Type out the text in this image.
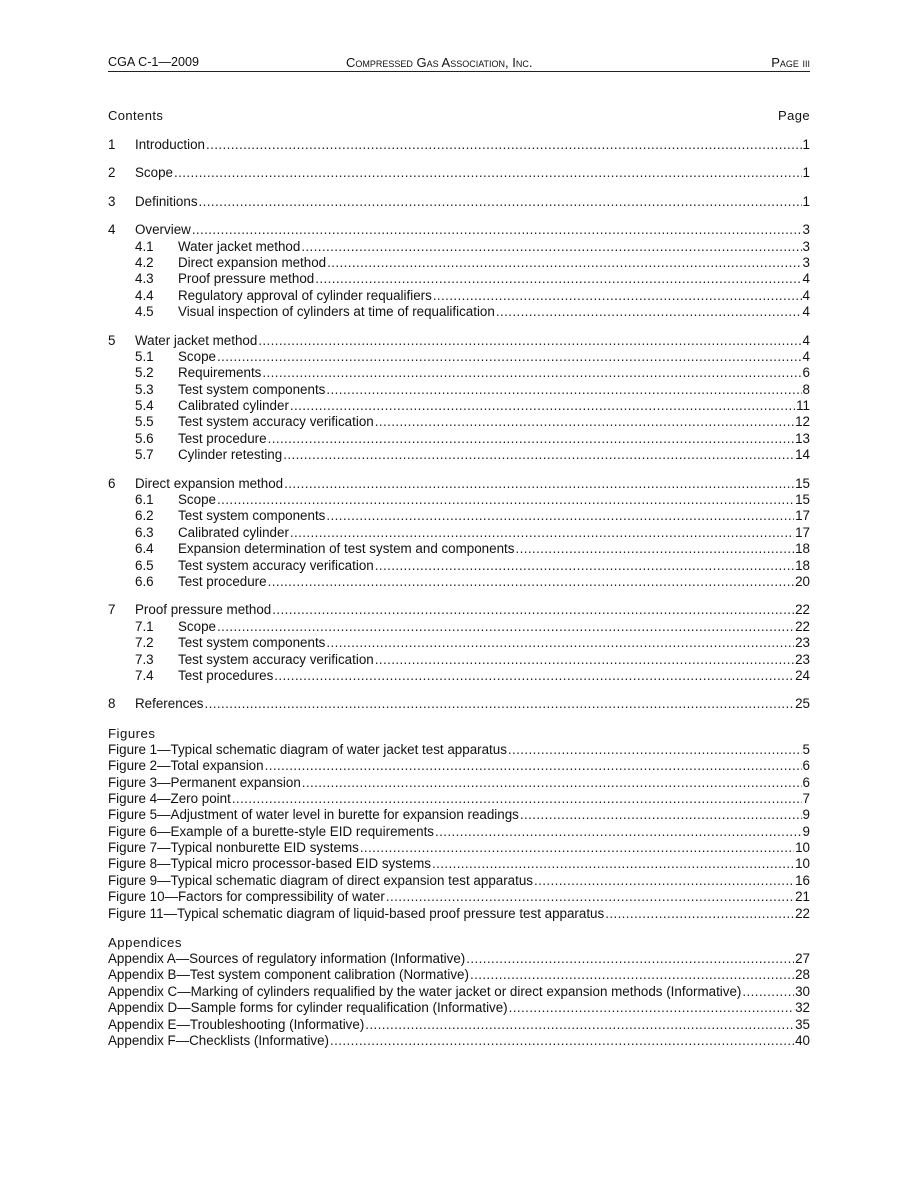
CGA C-1—2009	Compressed Gas Association, Inc.	Page iii
Contents	Page
1	Introduction .....	1
2	Scope .....	1
3	Definitions .....	1
4	Overview .....	3
4.1	Water jacket method .....	3
4.2	Direct expansion method .....	3
4.3	Proof pressure method .....	4
4.4	Regulatory approval of cylinder requalifiers .....	4
4.5	Visual inspection of cylinders at time of requalification .....	4
5	Water jacket method .....	4
5.1	Scope .....	4
5.2	Requirements .....	6
5.3	Test system components .....	8
5.4	Calibrated cylinder .....	11
5.5	Test system accuracy verification .....	12
5.6	Test procedure .....	13
5.7	Cylinder retesting .....	14
6	Direct expansion method .....	15
6.1	Scope .....	15
6.2	Test system components .....	17
6.3	Calibrated cylinder .....	17
6.4	Expansion determination of test system and components .....	18
6.5	Test system accuracy verification .....	18
6.6	Test procedure .....	20
7	Proof pressure method .....	22
7.1	Scope .....	22
7.2	Test system components .....	23
7.3	Test system accuracy verification .....	23
7.4	Test procedures .....	24
8	References .....	25
Figures
Figure 1—Typical schematic diagram of water jacket test apparatus .....	5
Figure 2—Total expansion .....	6
Figure 3—Permanent expansion .....	6
Figure 4—Zero point .....	7
Figure 5—Adjustment of water level in burette for expansion readings .....	9
Figure 6—Example of a burette-style EID requirements .....	9
Figure 7—Typical nonburette EID systems .....	10
Figure 8—Typical micro processor-based EID systems .....	10
Figure 9—Typical schematic diagram of direct expansion test apparatus .....	16
Figure 10—Factors for compressibility of water .....	21
Figure 11—Typical schematic diagram of liquid-based proof pressure test apparatus .....	22
Appendices
Appendix A—Sources of regulatory information (Informative) .....	27
Appendix B—Test system component calibration (Normative) .....	28
Appendix C—Marking of cylinders requalified by the water jacket or direct expansion methods (Informative) .....	30
Appendix D—Sample forms for cylinder requalification (Informative) .....	32
Appendix E—Troubleshooting (Informative) .....	35
Appendix F—Checklists (Informative) .....	40
